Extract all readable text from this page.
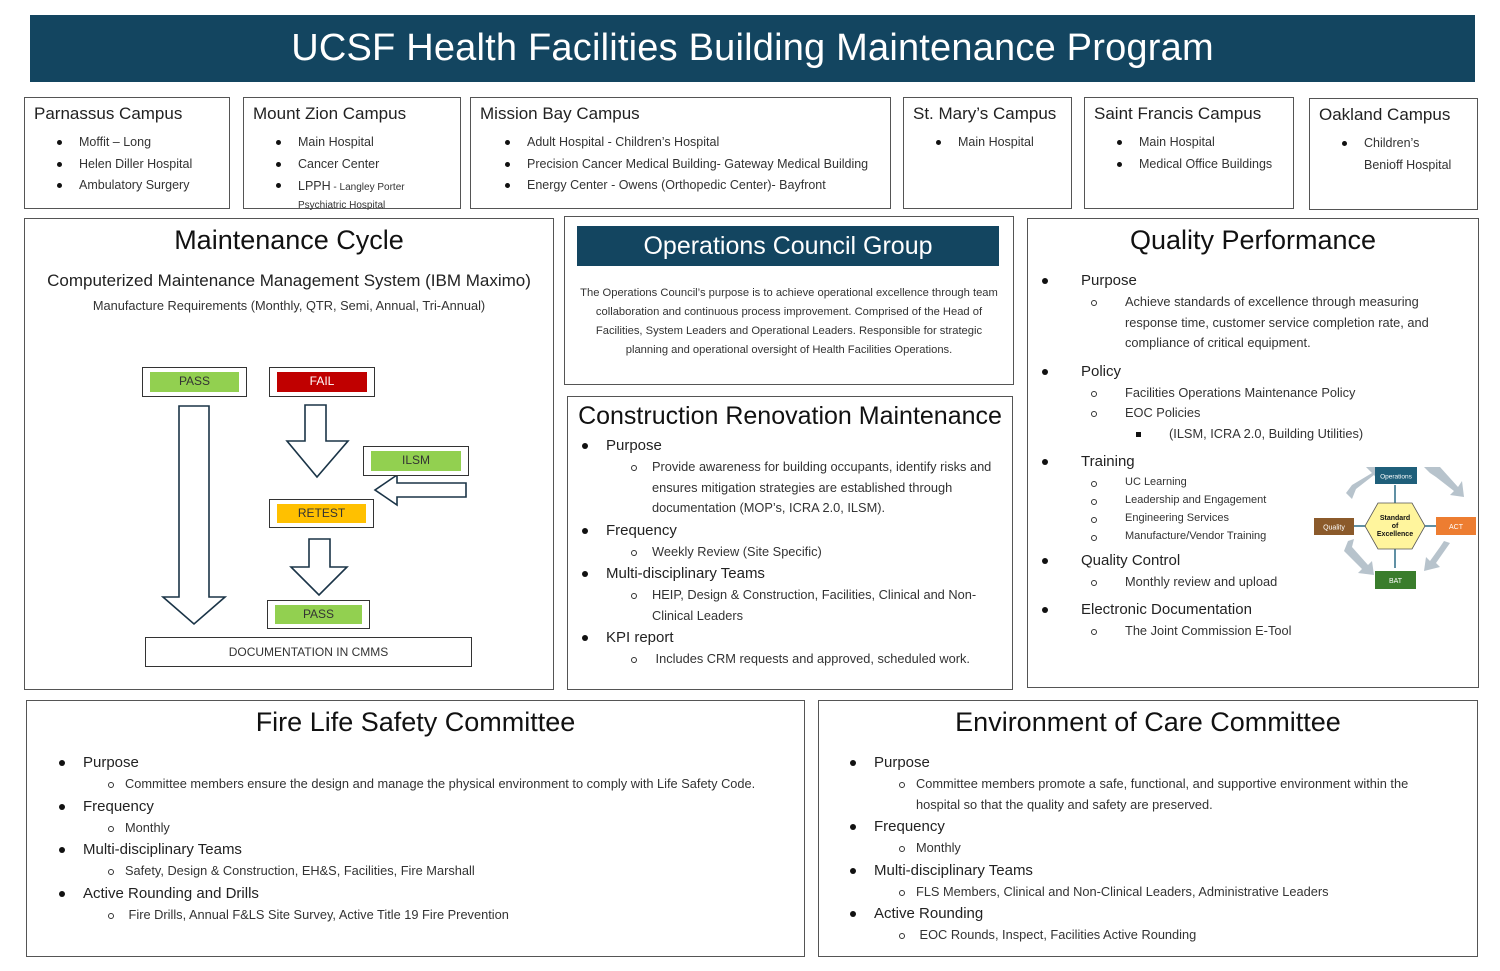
UCSF Health Facilities Building Maintenance Program
Parnassus Campus
Moffit – Long
Helen Diller Hospital
Ambulatory Surgery
Mount Zion Campus
Main Hospital
Cancer Center
LPPH - Langley Porter Psychiatric Hospital
Mission Bay Campus
Adult Hospital - Children’s Hospital
Precision Cancer Medical Building- Gateway Medical Building
Energy Center - Owens (Orthopedic Center)- Bayfront
St. Mary’s Campus
Main Hospital
Saint Francis Campus
Main Hospital
Medical Office Buildings
Oakland Campus
Children’s Benioff Hospital
Maintenance Cycle
Computerized Maintenance Management System (IBM Maximo)
Manufacture Requirements (Monthly, QTR, Semi, Annual, Tri-Annual)
PASS	FAIL
ILSM
RETEST
PASS
DOCUMENTATION IN CMMS
Operations Council Group
The Operations Council’s purpose is to achieve operational excellence through team collaboration and continuous process improvement. Comprised of the Head of Facilities, System Leaders and Operational Leaders. Responsible for strategic planning and operational oversight of Health Facilities Operations.
Construction Renovation Maintenance
Purpose
Provide awareness for building occupants, identify risks and ensures mitigation strategies are established through documentation (MOP’s, ICRA 2.0, ILSM).
Frequency
Weekly Review (Site Specific)
Multi-disciplinary Teams
HEIP, Design & Construction, Facilities, Clinical and Non-Clinical Leaders
KPI report
Includes CRM requests and approved, scheduled work.
Quality Performance
Purpose
Achieve standards of excellence through measuring response time, customer service completion rate, and compliance of critical equipment.
Policy
Facilities Operations Maintenance Policy
EOC Policies
(ILSM, ICRA 2.0, Building Utilities)
Training
UC Learning
Leadership and Engagement
Engineering Services
Manufacture/Vendor Training
Quality Control
Monthly review and upload
Electronic Documentation
The Joint Commission E-Tool
Standard
of
Excellence
Operations
Quality	ACT
BAT
Fire Life Safety Committee
Purpose
Committee members ensure the design and manage the physical environment to comply with Life Safety Code.
Frequency
Monthly
Multi-disciplinary Teams
Safety, Design & Construction, EH&S, Facilities, Fire Marshall
Active Rounding and Drills
Fire Drills, Annual F&LS Site Survey, Active Title 19 Fire Prevention
Environment of Care Committee
Purpose
Committee members promote a safe, functional, and supportive environment within the hospital so that the quality and safety are preserved.
Frequency
Monthly
Multi-disciplinary Teams
FLS Members, Clinical and Non-Clinical Leaders, Administrative Leaders
Active Rounding
EOC Rounds, Inspect, Facilities Active Rounding
